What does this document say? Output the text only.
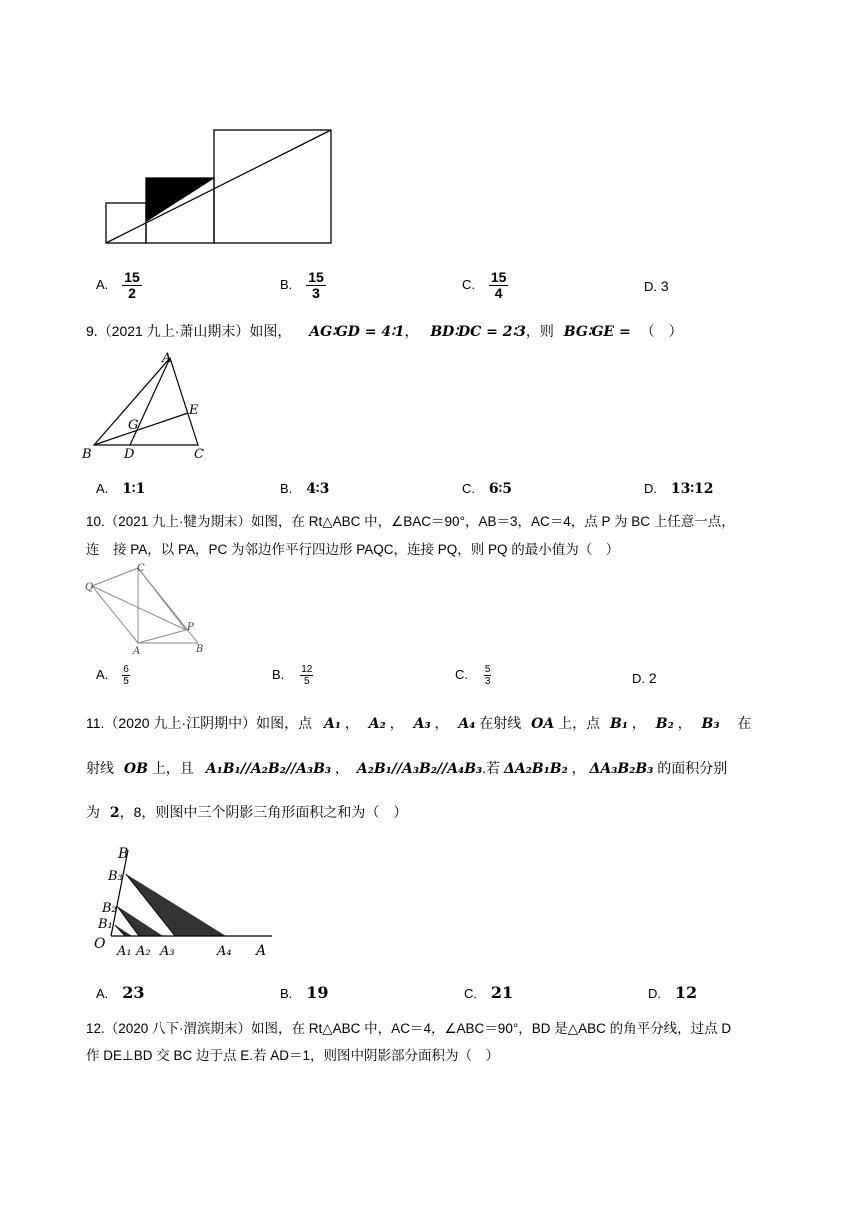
A. $\frac{15}{2}$	B. $\frac{15}{3}$	C. $\frac{15}{4}$	D. 3
9.（2021 九上·萧山期末）如图， AG∶GD = 4∶1， BD∶DC = 2∶3，则 BG∶GE = （　）
A
B D	C
E
G
A. 1∶1	B. 4∶3	C. 6∶5	D. 13∶12
10.（2021 九上·犍为期末）如图，在 Rt△ABC 中，∠BAC＝90°，AB＝3，AC＝4，点 P 为 BC 上任意一点，
连　接 PA，以 PA，PC 为邻边作平行四边形 PAQC，连接 PQ，则 PQ 的最小值为（　）
Q
C
P
A	B
A. $\frac{6}{5}$	B. $\frac{12}{5}$	C. $\frac{5}{3}$	D. 2
11.（2020 九上·江阴期中）如图，点 A₁ ， A₂ ， A₃ ， A₄ 在射线 OA 上，点 B₁ ， B₂ ， B₃ 在
射线 OB 上，且 A₁B₁//A₂B₂//A₃B₃ ， A₂B₁//A₃B₂//A₄B₃.若 ΔA₂B₁B₂ ， ΔA₃B₂B₃ 的面积分别
为 2，8，则图中三个阴影三角形面积之和为（　）
B
B₃
B₂
B₁
O A₁ A₂ A₃	A₄ A
A. 23	B. 19	C. 21	D. 12
12.（2020 八下·渭滨期末）如图，在 Rt△ABC 中，AC＝4，∠ABC＝90°，BD 是△ABC 的角平分线，过点 D
作 DE⊥BD 交 BC 边于点 E.若 AD＝1，则图中阴影部分面积为（　）
